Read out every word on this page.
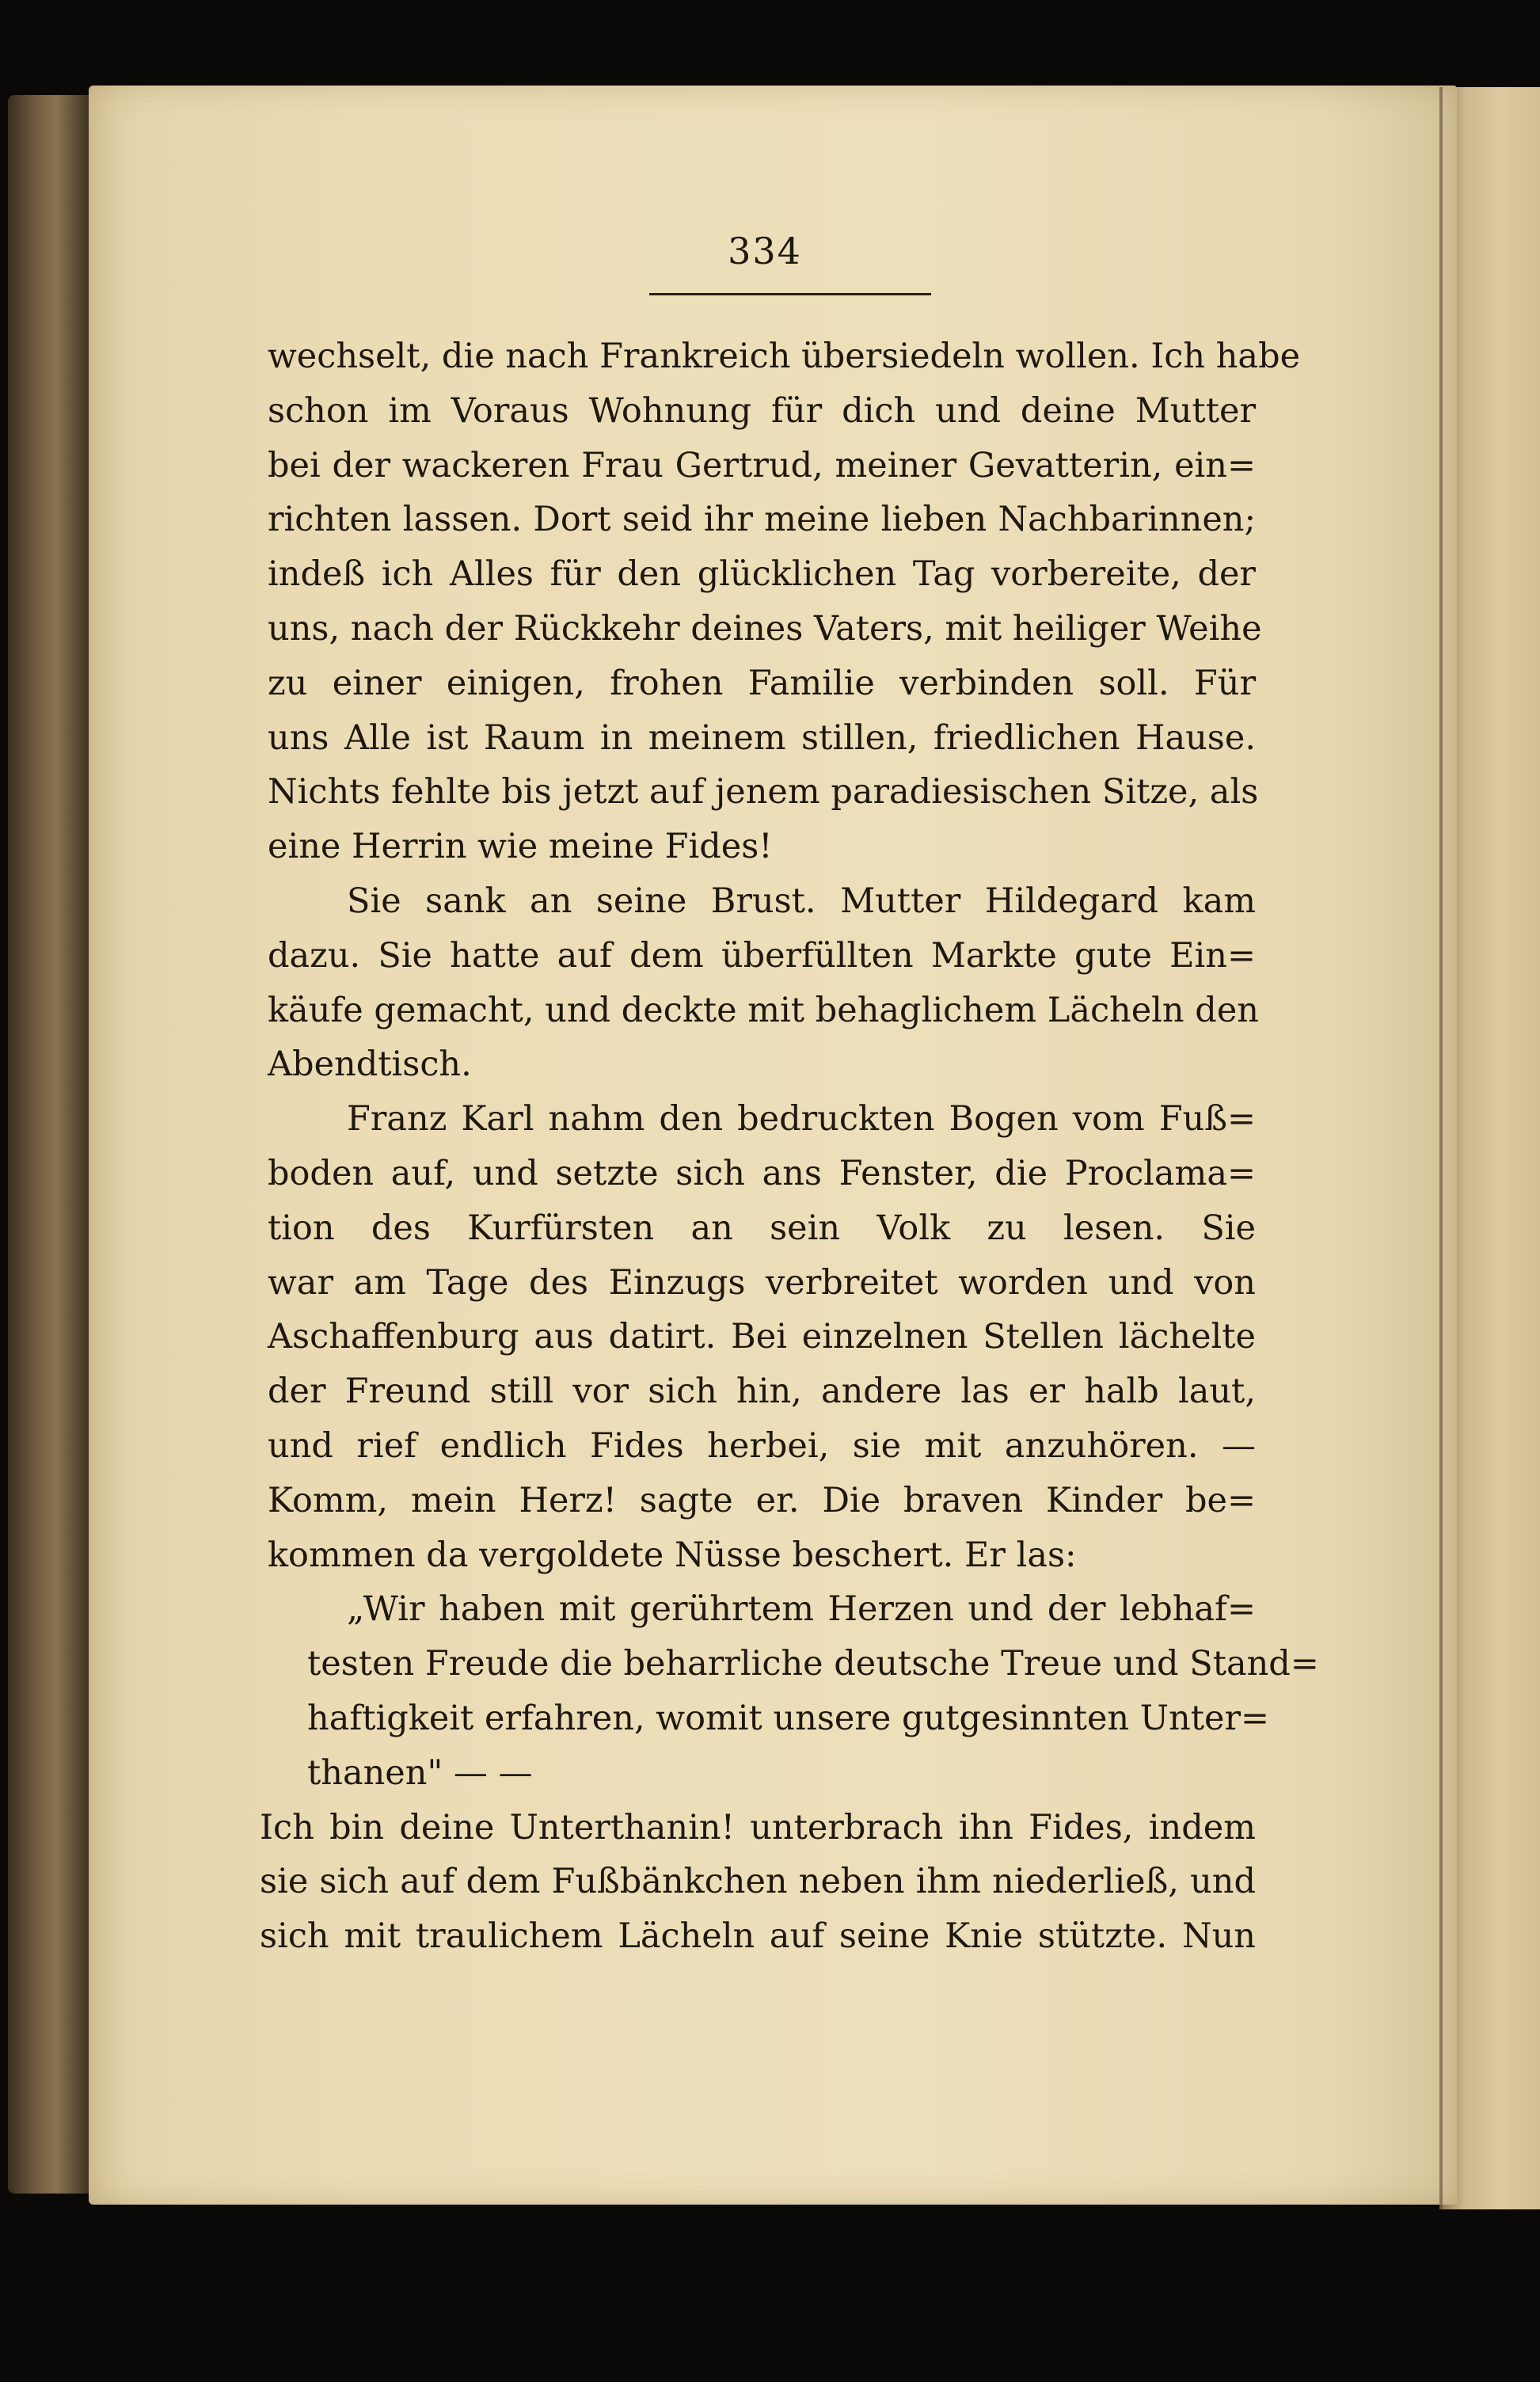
334
wechselt, die nach Frankreich übersiedeln wollen. Ich habe
schon im Voraus Wohnung für dich und deine Mutter
bei der wackeren Frau Gertrud, meiner Gevatterin, ein=
richten lassen. Dort seid ihr meine lieben Nachbarinnen;
indeß ich Alles für den glücklichen Tag vorbereite, der
uns, nach der Rückkehr deines Vaters, mit heiliger Weihe
zu einer einigen, frohen Familie verbinden soll. Für
uns Alle ist Raum in meinem stillen, friedlichen Hause.
Nichts fehlte bis jetzt auf jenem paradiesischen Sitze, als
eine Herrin wie meine Fides!
Sie sank an seine Brust. Mutter Hildegard kam
dazu. Sie hatte auf dem überfüllten Markte gute Ein=
käufe gemacht, und deckte mit behaglichem Lächeln den
Abendtisch.
Franz Karl nahm den bedruckten Bogen vom Fuß=
boden auf, und setzte sich ans Fenster, die Proclama=
tion des Kurfürsten an sein Volk zu lesen. Sie
war am Tage des Einzugs verbreitet worden und von
Aschaffenburg aus datirt. Bei einzelnen Stellen lächelte
der Freund still vor sich hin, andere las er halb laut,
und rief endlich Fides herbei, sie mit anzuhören. —
Komm, mein Herz! sagte er. Die braven Kinder be=
kommen da vergoldete Nüsse beschert. Er las:
„Wir haben mit gerührtem Herzen und der lebhaf=
testen Freude die beharrliche deutsche Treue und Stand=
haftigkeit erfahren, womit unsere gutgesinnten Unter=
thanen" — —
Ich bin deine Unterthanin! unterbrach ihn Fides, indem
sie sich auf dem Fußbänkchen neben ihm niederließ, und
sich mit traulichem Lächeln auf seine Knie stützte. Nun
